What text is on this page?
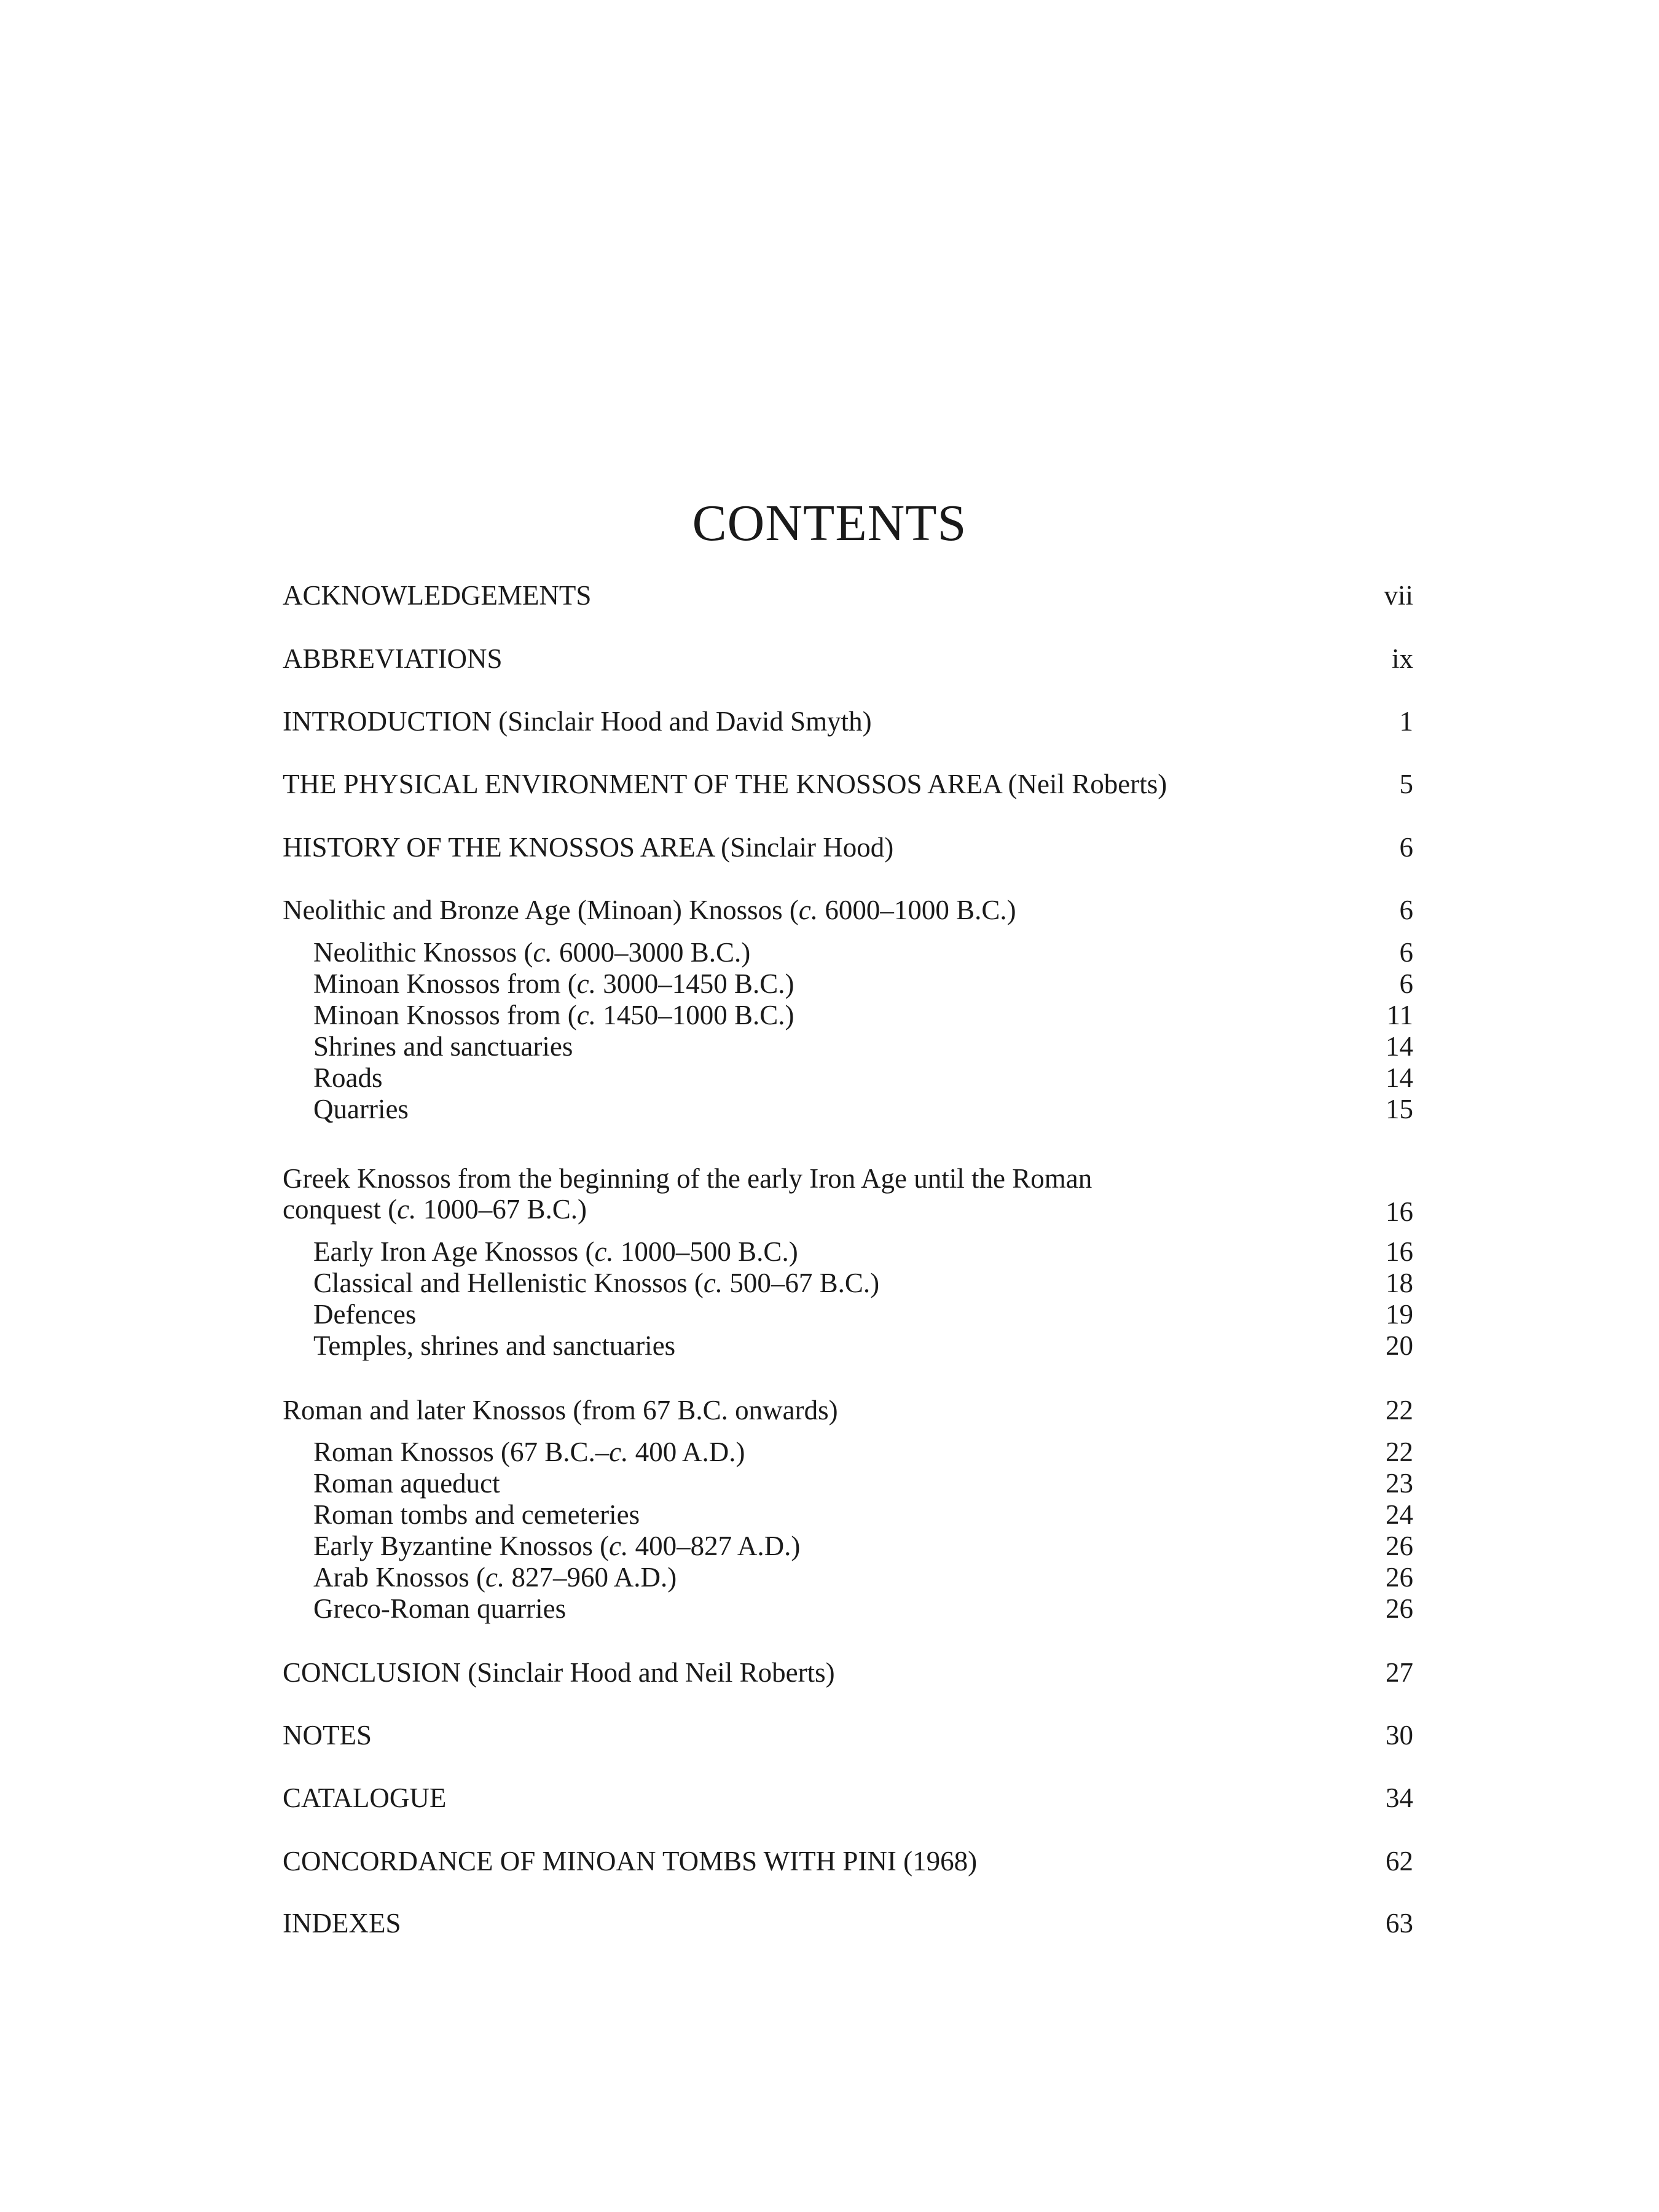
CONTENTS
ACKNOWLEDGEMENTS	vii
ABBREVIATIONS	ix
INTRODUCTION (Sinclair Hood and David Smyth)	1
THE PHYSICAL ENVIRONMENT OF THE KNOSSOS AREA (Neil Roberts)	5
HISTORY OF THE KNOSSOS AREA (Sinclair Hood)	6
Neolithic and Bronze Age (Minoan) Knossos (c. 6000–1000 B.C.)	6
Neolithic Knossos (c. 6000–3000 B.C.)	6
Minoan Knossos from (c. 3000–1450 B.C.)	6
Minoan Knossos from (c. 1450–1000 B.C.)	11
Shrines and sanctuaries	14
Roads	14
Quarries	15
Greek Knossos from the beginning of the early Iron Age until the Roman
conquest (c. 1000–67 B.C.)	16
Early Iron Age Knossos (c. 1000–500 B.C.)	16
Classical and Hellenistic Knossos (c. 500–67 B.C.)	18
Defences	19
Temples, shrines and sanctuaries	20
Roman and later Knossos (from 67 B.C. onwards)	22
Roman Knossos (67 B.C.–c. 400 A.D.)	22
Roman aqueduct	23
Roman tombs and cemeteries	24
Early Byzantine Knossos (c. 400–827 A.D.)	26
Arab Knossos (c. 827–960 A.D.)	26
Greco-Roman quarries	26
CONCLUSION (Sinclair Hood and Neil Roberts)	27
NOTES	30
CATALOGUE	34
CONCORDANCE OF MINOAN TOMBS WITH PINI (1968)	62
INDEXES	63
